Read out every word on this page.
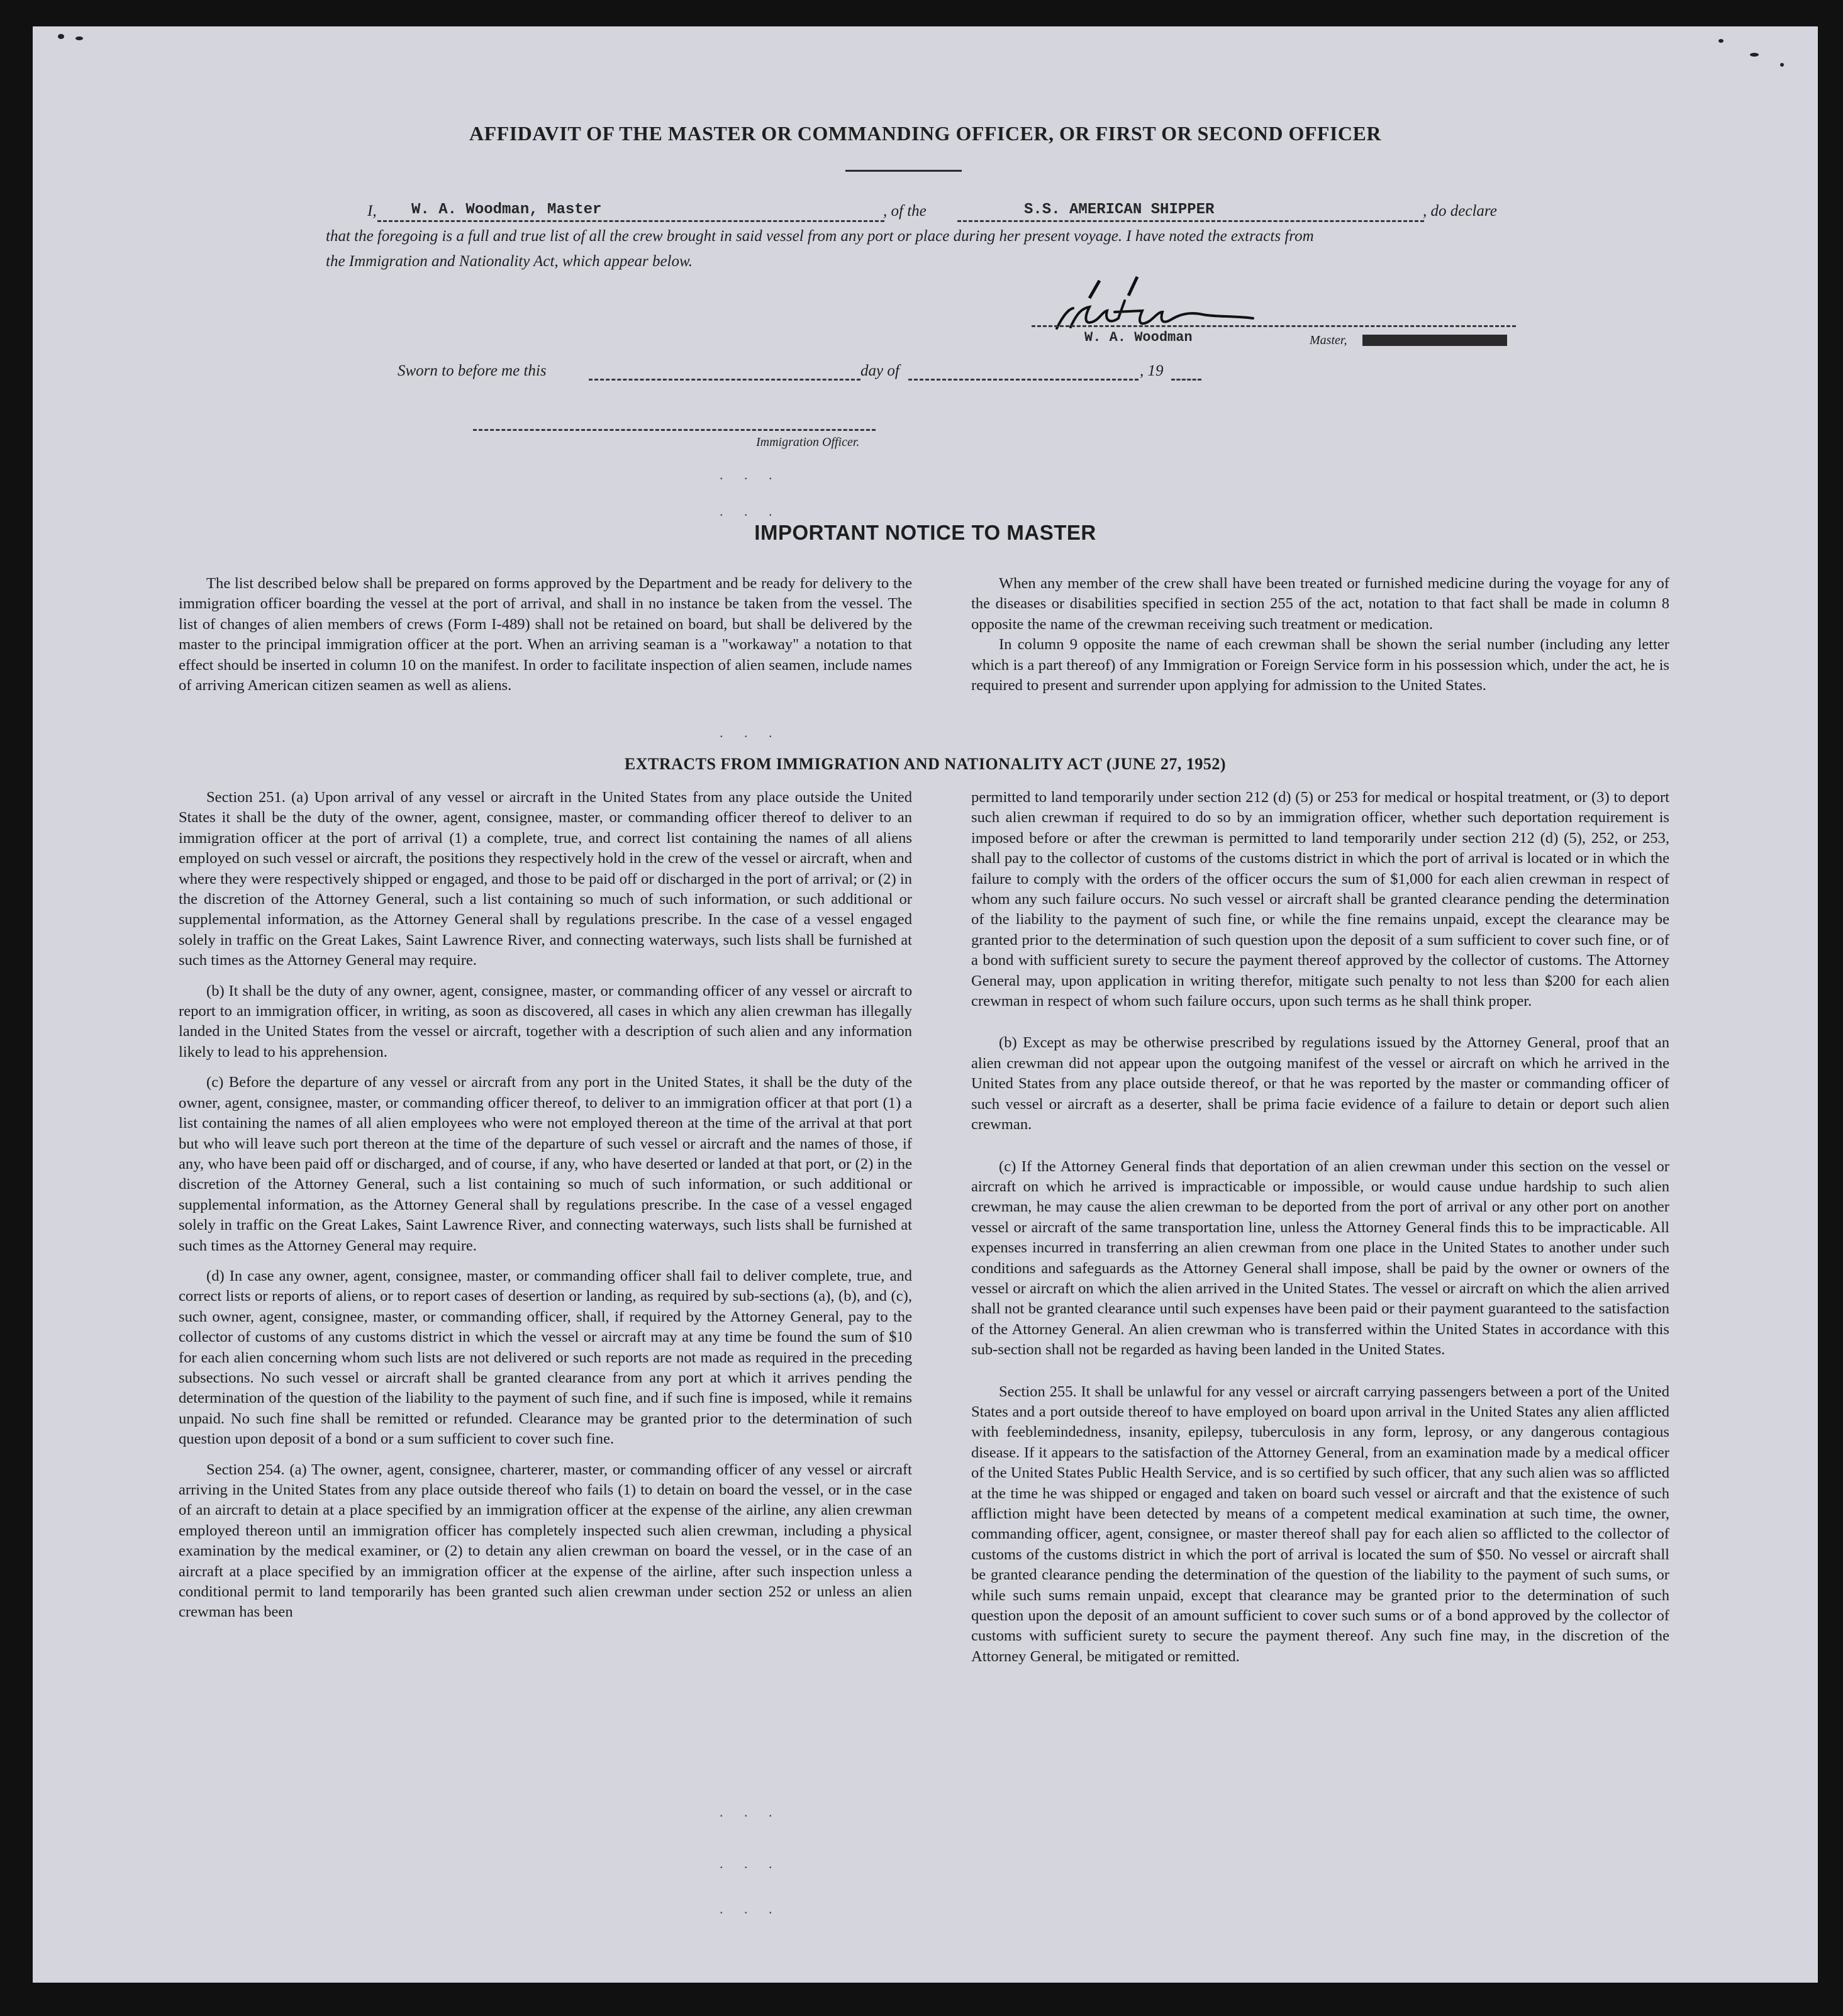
AFFIDAVIT OF THE MASTER OR COMMANDING OFFICER, OR FIRST OR SECOND OFFICER
I, W. A. Woodman, Master	, of the	S.S. AMERICAN SHIPPER	, do declare
that the foregoing is a full and true list of all the crew brought in said vessel from any port or place during her present voyage. I have noted the extracts from
the Immigration and Nationality Act, which appear below.
W. A. Woodman	Master,
Sworn to before me this	day of	, 19
Immigration Officer.
. . .
. . .
IMPORTANT NOTICE TO MASTER

The list described below shall be prepared on forms approved by the Department and be ready for delivery to the immigration officer boarding the vessel at the port of arrival, and shall in no instance be taken from the vessel. The list of changes of alien members of crews (Form I-489) shall not be retained on board, but shall be delivered by the master to the principal immigration officer at the port. When an arriving seaman is a "workaway" a notation to that effect should be inserted in column 10 on the manifest. In order to facilitate inspection of alien seamen, include names of arriving American citizen seamen as well as aliens.

When any member of the crew shall have been treated or furnished medicine during the voyage for any of the diseases or disabilities specified in section 255 of the act, notation to that fact shall be made in column 8 opposite the name of the crewman receiving such treatment or medication.

In column 9 opposite the name of each crewman shall be shown the serial number (including any letter which is a part thereof) of any Immigration or Foreign Service form in his possession which, under the act, he is required to present and surrender upon applying for admission to the United States.

. . .
EXTRACTS FROM IMMIGRATION AND NATIONALITY ACT (JUNE 27, 1952)

Section 251. (a) Upon arrival of any vessel or aircraft in the United States from any place outside the United States it shall be the duty of the owner, agent, consignee, master, or commanding officer thereof to deliver to an immigration officer at the port of arrival (1) a complete, true, and correct list containing the names of all aliens employed on such vessel or aircraft, the positions they respectively hold in the crew of the vessel or aircraft, when and where they were respectively shipped or engaged, and those to be paid off or discharged in the port of arrival; or (2) in the discretion of the Attorney General, such a list containing so much of such information, or such additional or supplemental information, as the Attorney General shall by regulations prescribe. In the case of a vessel engaged solely in traffic on the Great Lakes, Saint Lawrence River, and connecting waterways, such lists shall be furnished at such times as the Attorney General may require.

(b) It shall be the duty of any owner, agent, consignee, master, or commanding officer of any vessel or aircraft to report to an immigration officer, in writing, as soon as discovered, all cases in which any alien crewman has illegally landed in the United States from the vessel or aircraft, together with a description of such alien and any information likely to lead to his apprehension.

(c) Before the departure of any vessel or aircraft from any port in the United States, it shall be the duty of the owner, agent, consignee, master, or commanding officer thereof, to deliver to an immigration officer at that port (1) a list containing the names of all alien employees who were not employed thereon at the time of the arrival at that port but who will leave such port thereon at the time of the departure of such vessel or aircraft and the names of those, if any, who have been paid off or discharged, and of course, if any, who have deserted or landed at that port, or (2) in the discretion of the Attorney General, such a list containing so much of such information, or such additional or supplemental information, as the Attorney General shall by regulations prescribe. In the case of a vessel engaged solely in traffic on the Great Lakes, Saint Lawrence River, and connecting waterways, such lists shall be furnished at such times as the Attorney General may require.

(d) In case any owner, agent, consignee, master, or commanding officer shall fail to deliver complete, true, and correct lists or reports of aliens, or to report cases of desertion or landing, as required by sub-sections (a), (b), and (c), such owner, agent, consignee, master, or commanding officer, shall, if required by the Attorney General, pay to the collector of customs of any customs district in which the vessel or aircraft may at any time be found the sum of $10 for each alien concerning whom such lists are not delivered or such reports are not made as required in the preceding subsections. No such vessel or aircraft shall be granted clearance from any port at which it arrives pending the determination of the question of the liability to the payment of such fine, and if such fine is imposed, while it remains unpaid. No such fine shall be remitted or refunded. Clearance may be granted prior to the determination of such question upon deposit of a bond or a sum sufficient to cover such fine.

Section 254. (a) The owner, agent, consignee, charterer, master, or commanding officer of any vessel or aircraft arriving in the United States from any place outside thereof who fails (1) to detain on board the vessel, or in the case of an aircraft to detain at a place specified by an immigration officer at the expense of the airline, any alien crewman employed thereon until an immigration officer has completely inspected such alien crewman, including a physical examination by the medical examiner, or (2) to detain any alien crewman on board the vessel, or in the case of an aircraft at a place specified by an immigration officer at the expense of the airline, after such inspection unless a conditional permit to land temporarily has been granted such alien crewman under section 252 or unless an alien crewman has been

permitted to land temporarily under section 212 (d) (5) or 253 for medical or hospital treatment, or (3) to deport such alien crewman if required to do so by an immigration officer, whether such deportation requirement is imposed before or after the crewman is permitted to land temporarily under section 212 (d) (5), 252, or 253, shall pay to the collector of customs of the customs district in which the port of arrival is located or in which the failure to comply with the orders of the officer occurs the sum of $1,000 for each alien crewman in respect of whom any such failure occurs. No such vessel or aircraft shall be granted clearance pending the determination of the liability to the payment of such fine, or while the fine remains unpaid, except the clearance may be granted prior to the determination of such question upon the deposit of a sum sufficient to cover such fine, or of a bond with sufficient surety to secure the payment thereof approved by the collector of customs. The Attorney General may, upon application in writing therefor, mitigate such penalty to not less than $200 for each alien crewman in respect of whom such failure occurs, upon such terms as he shall think proper.

(b) Except as may be otherwise prescribed by regulations issued by the Attorney General, proof that an alien crewman did not appear upon the outgoing manifest of the vessel or aircraft on which he arrived in the United States from any place outside thereof, or that he was reported by the master or commanding officer of such vessel or aircraft as a deserter, shall be prima facie evidence of a failure to detain or deport such alien crewman.

(c) If the Attorney General finds that deportation of an alien crewman under this section on the vessel or aircraft on which he arrived is impracticable or impossible, or would cause undue hardship to such alien crewman, he may cause the alien crewman to be deported from the port of arrival or any other port on another vessel or aircraft of the same transportation line, unless the Attorney General finds this to be impracticable. All expenses incurred in transferring an alien crewman from one place in the United States to another under such conditions and safeguards as the Attorney General shall impose, shall be paid by the owner or owners of the vessel or aircraft on which the alien arrived in the United States. The vessel or aircraft on which the alien arrived shall not be granted clearance until such expenses have been paid or their payment guaranteed to the satisfaction of the Attorney General. An alien crewman who is transferred within the United States in accordance with this sub-section shall not be regarded as having been landed in the United States.

Section 255. It shall be unlawful for any vessel or aircraft carrying passengers between a port of the United States and a port outside thereof to have employed on board upon arrival in the United States any alien afflicted with feeblemindedness, insanity, epilepsy, tuberculosis in any form, leprosy, or any dangerous contagious disease. If it appears to the satisfaction of the Attorney General, from an examination made by a medical officer of the United States Public Health Service, and is so certified by such officer, that any such alien was so afflicted at the time he was shipped or engaged and taken on board such vessel or aircraft and that the existence of such affliction might have been detected by means of a competent medical examination at such time, the owner, commanding officer, agent, consignee, or master thereof shall pay for each alien so afflicted to the collector of customs of the customs district in which the port of arrival is located the sum of $50. No vessel or aircraft shall be granted clearance pending the determination of the question of the liability to the payment of such sums, or while such sums remain unpaid, except that clearance may be granted prior to the determination of such question upon the deposit of an amount sufficient to cover such sums or of a bond approved by the collector of customs with sufficient surety to secure the payment thereof. Any such fine may, in the discretion of the Attorney General, be mitigated or remitted.

. . .
. . .
. . .
